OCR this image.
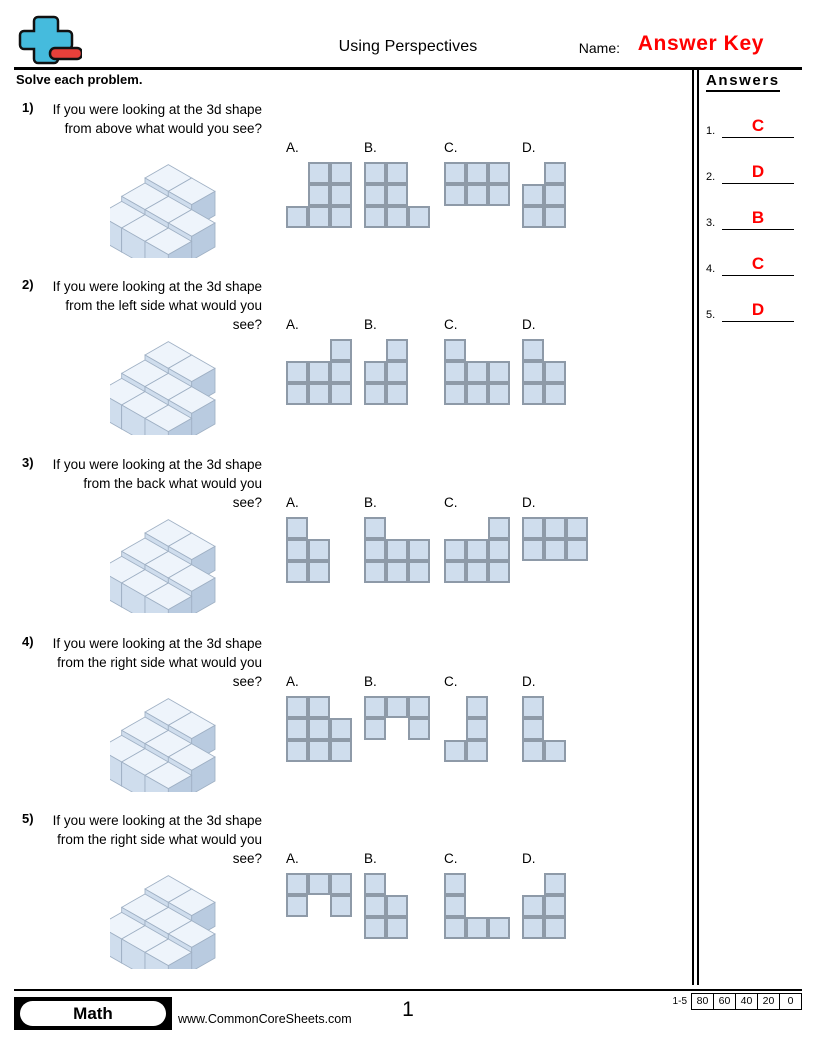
Using Perspectives	Name: Answer Key
Solve each problem.	Answers
1.	C
2.	D
3.	B
4.	C
5.	D
1) If you were looking at the 3d shape from above what would you see?
A.	B.	C.	D.
2) If you were looking at the 3d shape from the left side what would you see? A.	B.	C.	D.
3) If you were looking at the 3d shape from the back what would you see? A.	B.	C.	D.
4) If you were looking at the 3d shape from the right side what would you see? A.	B.	C.	D.
5) If you were looking at the 3d shape from the right side what would you see? A.	B.	C.	D.
Math	www.CommonCoreSheets.com	1	1-5 80 60 40 20	0
